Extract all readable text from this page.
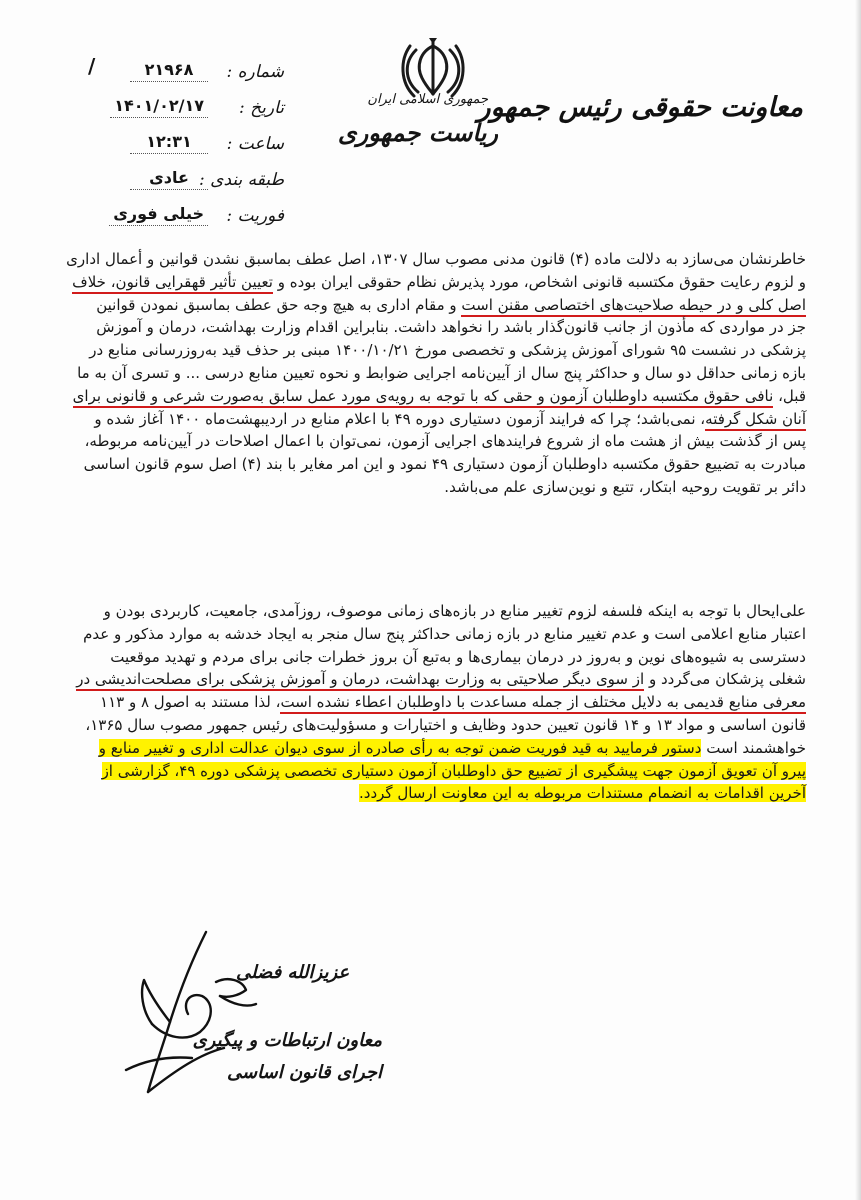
معاونت حقوقی رئیس جمهور
جمهوری اسلامی ایران
ریاست جمهوری
/	شماره :
۲۱۹۶۸
تاریخ :
۱۴۰۱/۰۲/۱۷
ساعت :
۱۲:۳۱
طبقه بندی :
عادی
فوریت :
خیلی فوری
خاطرنشان می‌سازد به دلالت ماده (۴) قانون مدنی مصوب سال ۱۳۰۷، اصل عطف بماسبق نشدن قوانین و أعمال اداری
و لزوم رعایت حقوق مکتسبه قانونی اشخاص، مورد پذیرش نظام حقوقی ایران بوده و تعیین تأثیر قهقرایی قانون، خلاف
اصل کلی و در حیطه صلاحیت‌های اختصاصی مقنن است و مقام اداری به هیچ وجه حق عطف بماسبق نمودن قوانین
جز در مواردی که مأذون از جانب قانون‌گذار باشد را نخواهد داشت. بنابراین اقدام وزارت بهداشت، درمان و آموزش
پزشکی در نشست ۹۵ شورای آموزش پزشکی و تخصصی مورخ ۱۴۰۰/۱۰/۲۱ مبنی بر حذف قید به‌روزرسانی منابع در
بازه زمانی حداقل دو سال و حداکثر پنج سال از آیین‌نامه اجرایی ضوابط و نحوه تعیین منابع درسی ... و تسری آن به ما
قبل، نافی حقوق مکتسبه داوطلبان آزمون و حقی که با توجه به رویه‌ی مورد عمل سابق به‌صورت شرعی و قانونی برای
آنان شکل گرفته، نمی‌باشد؛ چرا که فرایند آزمون دستیاری دوره ۴۹ با اعلام منابع در اردیبهشت‌ماه ۱۴۰۰ آغاز شده و
پس از گذشت بیش از هشت ماه از شروع فرایندهای اجرایی آزمون، نمی‌توان با اعمال اصلاحات در آیین‌نامه مربوطه،
مبادرت به تضییع حقوق مکتسبه داوطلبان آزمون دستیاری ۴۹ نمود و این امر مغایر با بند (۴) اصل سوم قانون اساسی
دائر بر تقویت روحیه ابتکار، تتبع و نوین‌سازی علم می‌باشد.
علی‌ایحال با توجه به اینکه فلسفه لزوم تغییر منابع در بازه‌های زمانی موصوف، روزآمدی، جامعیت، کاربردی بودن و
اعتبار منابع اعلامی است و عدم تغییر منابع در بازه زمانی حداکثر پنج سال منجر به ایجاد خدشه به موارد مذکور و عدم
دسترسی به شیوه‌های نوین و به‌روز در درمان بیماری‌ها و به‌تبع آن بروز خطرات جانی برای مردم و تهدید موقعیت
شغلی پزشکان می‌گردد و از سوی دیگر صلاحیتی به وزارت بهداشت، درمان و آموزش پزشکی برای مصلحت‌اندیشی در
معرفی منابع قدیمی به دلایل مختلف از جمله مساعدت با داوطلبان اعطاء نشده است، لذا مستند به اصول ۸ و ۱۱۳
قانون اساسی و مواد ۱۳ و ۱۴ قانون تعیین حدود وظایف و اختیارات و مسؤولیت‌های رئیس جمهور مصوب سال ۱۳۶۵،
خواهشمند است دستور فرمایید به قید فوریت ضمن توجه به رأی صادره از سوی دیوان عدالت اداری و تغییر منابع و
پیرو آن تعویق آزمون جهت پیشگیری از تضییع حق داوطلبان آزمون دستیاری تخصصی پزشکی دوره ۴۹، گزارشی از
آخرین اقدامات به انضمام مستندات مربوطه به این معاونت ارسال گردد.
عزیزالله فضلی
معاون ارتباطات و پیگیری
اجرای قانون اساسی
